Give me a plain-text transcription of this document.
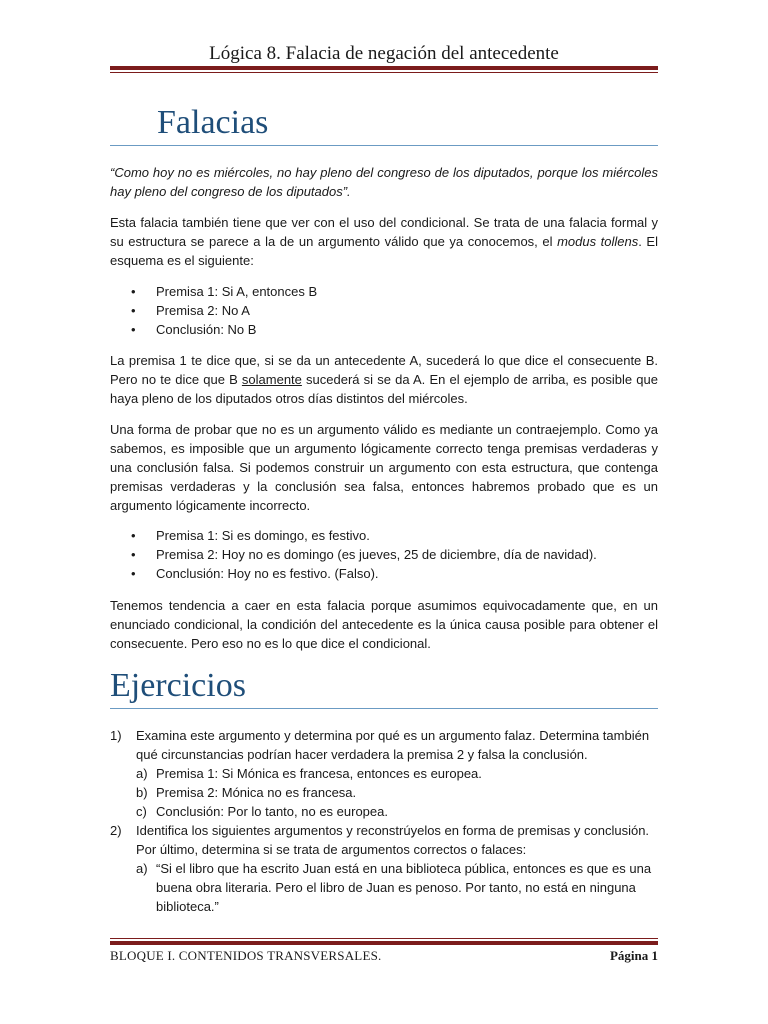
Lógica 8. Falacia de negación del antecedente
Falacias
“Como hoy no es miércoles, no hay pleno del congreso de los diputados, porque los miércoles hay pleno del congreso de los diputados”.
Esta falacia también tiene que ver con el uso del condicional. Se trata de una falacia formal y su estructura se parece a la de un argumento válido que ya conocemos, el modus tollens. El esquema es el siguiente:
• Premisa 1: Si A, entonces B
• Premisa 2: No A
• Conclusión: No B
La premisa 1 te dice que, si se da un antecedente A, sucederá lo que dice el consecuente B. Pero no te dice que B solamente sucederá si se da A. En el ejemplo de arriba, es posible que haya pleno de los diputados otros días distintos del miércoles.
Una forma de probar que no es un argumento válido es mediante un contraejemplo. Como ya sabemos, es imposible que un argumento lógicamente correcto tenga premisas verdaderas y una conclusión falsa. Si podemos construir un argumento con esta estructura, que contenga premisas verdaderas y la conclusión sea falsa, entonces habremos probado que es un argumento lógicamente incorrecto.
• Premisa 1: Si es domingo, es festivo.
• Premisa 2: Hoy no es domingo (es jueves, 25 de diciembre, día de navidad).
• Conclusión: Hoy no es festivo. (Falso).
Tenemos tendencia a caer en esta falacia porque asumimos equivocadamente que, en un enunciado condicional, la condición del antecedente es la única causa posible para obtener el consecuente. Pero eso no es lo que dice el condicional.
Ejercicios
1) Examina este argumento y determina por qué es un argumento falaz. Determina también qué circunstancias podrían hacer verdadera la premisa 2 y falsa la conclusión.
a) Premisa 1: Si Mónica es francesa, entonces es europea.
b) Premisa 2: Mónica no es francesa.
c) Conclusión: Por lo tanto, no es europea.
2) Identifica los siguientes argumentos y reconstrúyelos en forma de premisas y conclusión. Por último, determina si se trata de argumentos correctos o falaces:
a) “Si el libro que ha escrito Juan está en una biblioteca pública, entonces es que es una buena obra literaria. Pero el libro de Juan es penoso. Por tanto, no está en ninguna biblioteca.”
BLOQUE I. CONTENIDOS TRANSVERSALES.	Página 1
